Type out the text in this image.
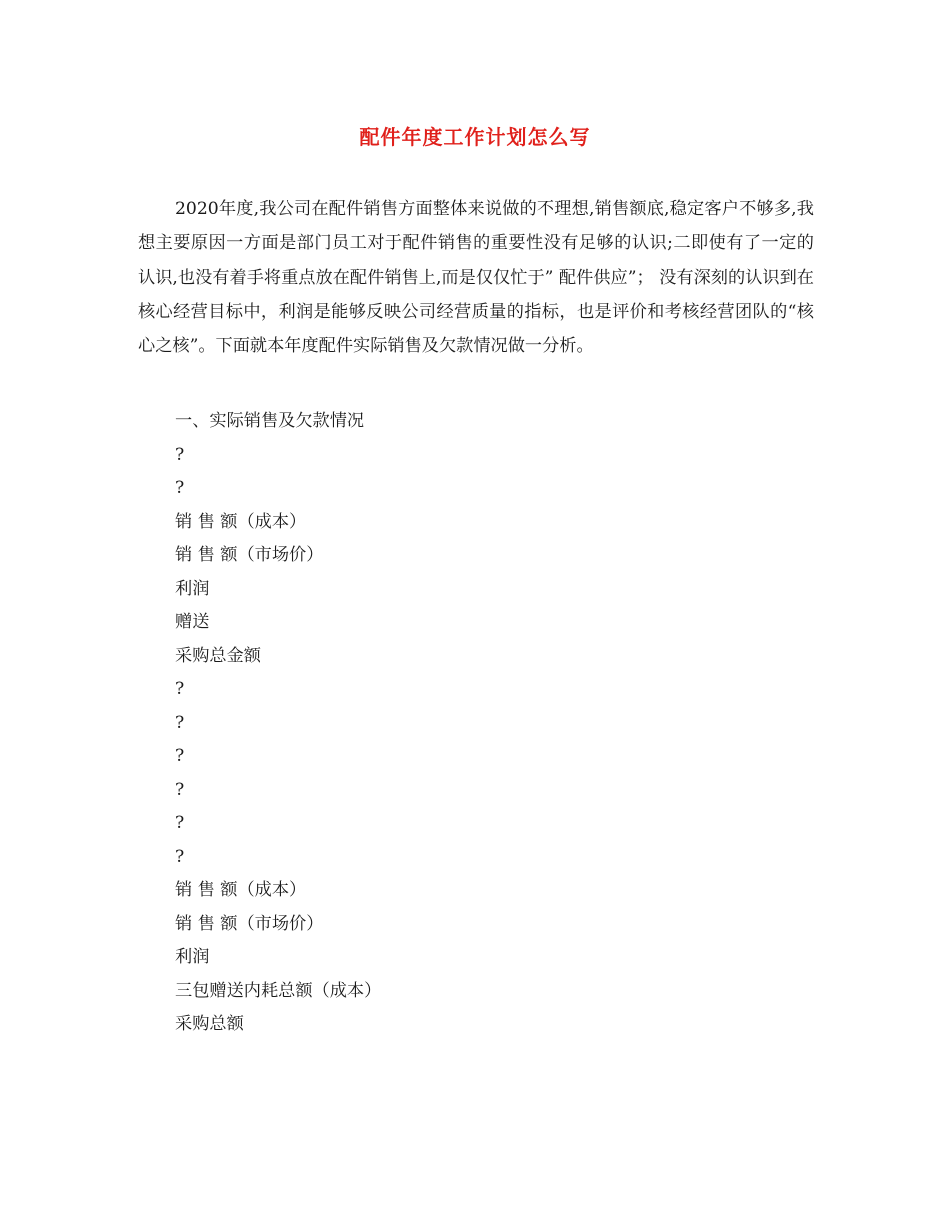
配件年度工作计划怎么写

2020年度,我公司在配件销售方面整体来说做的不理想,销售额底,稳定客户不够多,我想主要原因一方面是部门员工对于配件销售的重要性没有足够的认识;二即使有了一定的认识,也没有着手将重点放在配件销售上,而是仅仅忙于” 配件供应”； 没有深刻的认识到在核心经营目标中，利润是能够反映公司经营质量的指标，也是评价和考核经营团队的“核心之核”。下面就本年度配件实际销售及欠款情况做一分析。

一、实际销售及欠款情况
?
?
销 售 额（成本）
销 售 额（市场价）
利润
赠送
采购总金额
?
?
?
?
?
?
销 售 额（成本）
销 售 额（市场价）
利润
三包赠送内耗总额（成本）
采购总额
